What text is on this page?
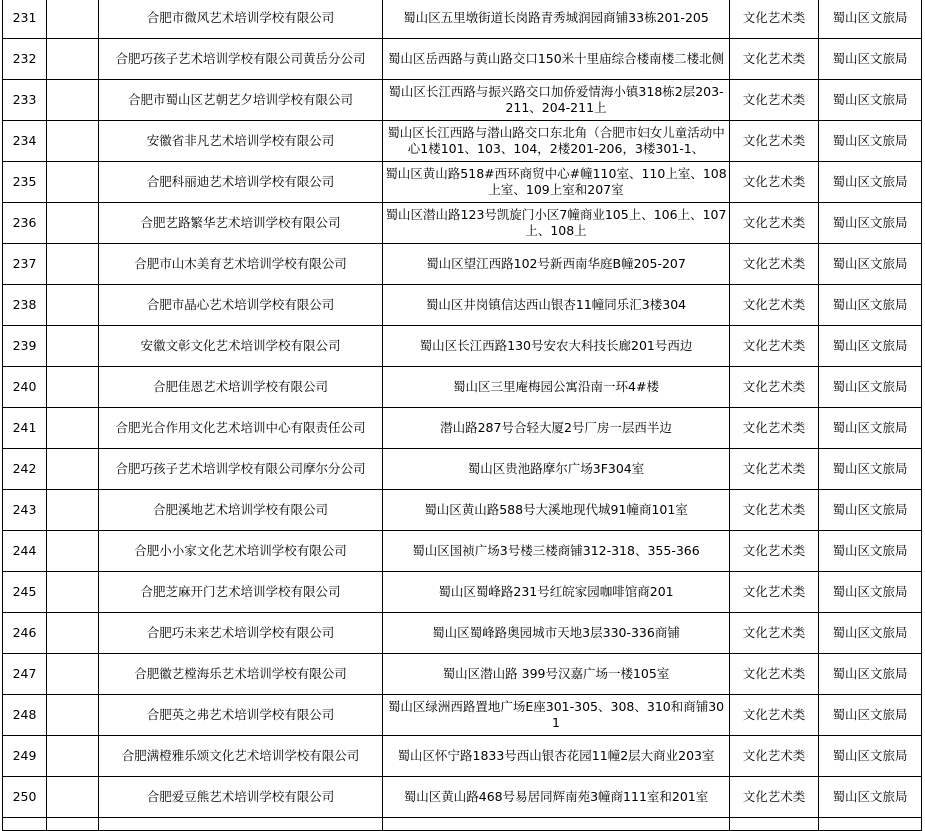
231		合肥市微风艺术培训学校有限公司	蜀山区五里墩街道长岗路青秀城润园商铺33栋201-205	文化艺术类	蜀山区文旅局
232		合肥巧孩子艺术培训学校有限公司黄岳分公司	蜀山区岳西路与黄山路交口150米十里庙综合楼南楼二楼北侧	文化艺术类	蜀山区文旅局
233		合肥市蜀山区艺朝艺夕培训学校有限公司	蜀山区长江西路与振兴路交口加侨爱情海小镇318栋2层203-211、204-211上	文化艺术类	蜀山区文旅局
234		安徽省非凡艺术培训学校有限公司	蜀山区长江西路与潜山路交口东北角（合肥市妇女儿童活动中心1楼101、103、104，2楼201-206，3楼301-1、	文化艺术类	蜀山区文旅局
235		合肥科丽迪艺术培训学校有限公司	蜀山区黄山路518#西环商贸中心#幢110室、110上室、108上室、109上室和207室	文化艺术类	蜀山区文旅局
236		合肥艺路繁华艺术培训学校有限公司	蜀山区潜山路123号凯旋门小区7幢商业105上、106上、107上、108上	文化艺术类	蜀山区文旅局
237		合肥市山木美育艺术培训学校有限公司	蜀山区望江西路102号新西南华庭B幢205-207	文化艺术类	蜀山区文旅局
238		合肥市晶心艺术培训学校有限公司	蜀山区井岗镇信达西山银杏11幢同乐汇3楼304	文化艺术类	蜀山区文旅局
239		安徽文彰文化艺术培训学校有限公司	蜀山区长江西路130号安农大科技长廊201号西边	文化艺术类	蜀山区文旅局
240		合肥佳恩艺术培训学校有限公司	蜀山区三里庵梅园公寓沿南一环4#楼	文化艺术类	蜀山区文旅局
241		合肥光合作用文化艺术培训中心有限责任公司	潜山路287号合轻大厦2号厂房一层西半边	文化艺术类	蜀山区文旅局
242		合肥巧孩子艺术培训学校有限公司摩尔分公司	蜀山区贵池路摩尔广场3F304室	文化艺术类	蜀山区文旅局
243		合肥溪地艺术培训学校有限公司	蜀山区黄山路588号大溪地现代城91幢商101室	文化艺术类	蜀山区文旅局
244		合肥小小家文化艺术培训学校有限公司	蜀山区国祯广场3号楼三楼商铺312-318、355-366	文化艺术类	蜀山区文旅局
245		合肥芝麻开门艺术培训学校有限公司	蜀山区蜀峰路231号红皖家园咖啡馆商201	文化艺术类	蜀山区文旅局
246		合肥巧未来艺术培训学校有限公司	蜀山区蜀峰路奥园城市天地3层330-336商铺	文化艺术类	蜀山区文旅局
247		合肥徽艺樘海乐艺术培训学校有限公司	蜀山区潜山路 399号汉嘉广场一楼105室	文化艺术类	蜀山区文旅局
248		合肥英之弗艺术培训学校有限公司	蜀山区绿洲西路置地广场E座301-305、308、310和商铺301	文化艺术类	蜀山区文旅局
249		合肥满橙雅乐颂文化艺术培训学校有限公司	蜀山区怀宁路1833号西山银杏花园11幢2层大商业203室	文化艺术类	蜀山区文旅局
250		合肥爱豆熊艺术培训学校有限公司	蜀山区黄山路468号易居同辉南苑3幢商111室和201室	文化艺术类	蜀山区文旅局
